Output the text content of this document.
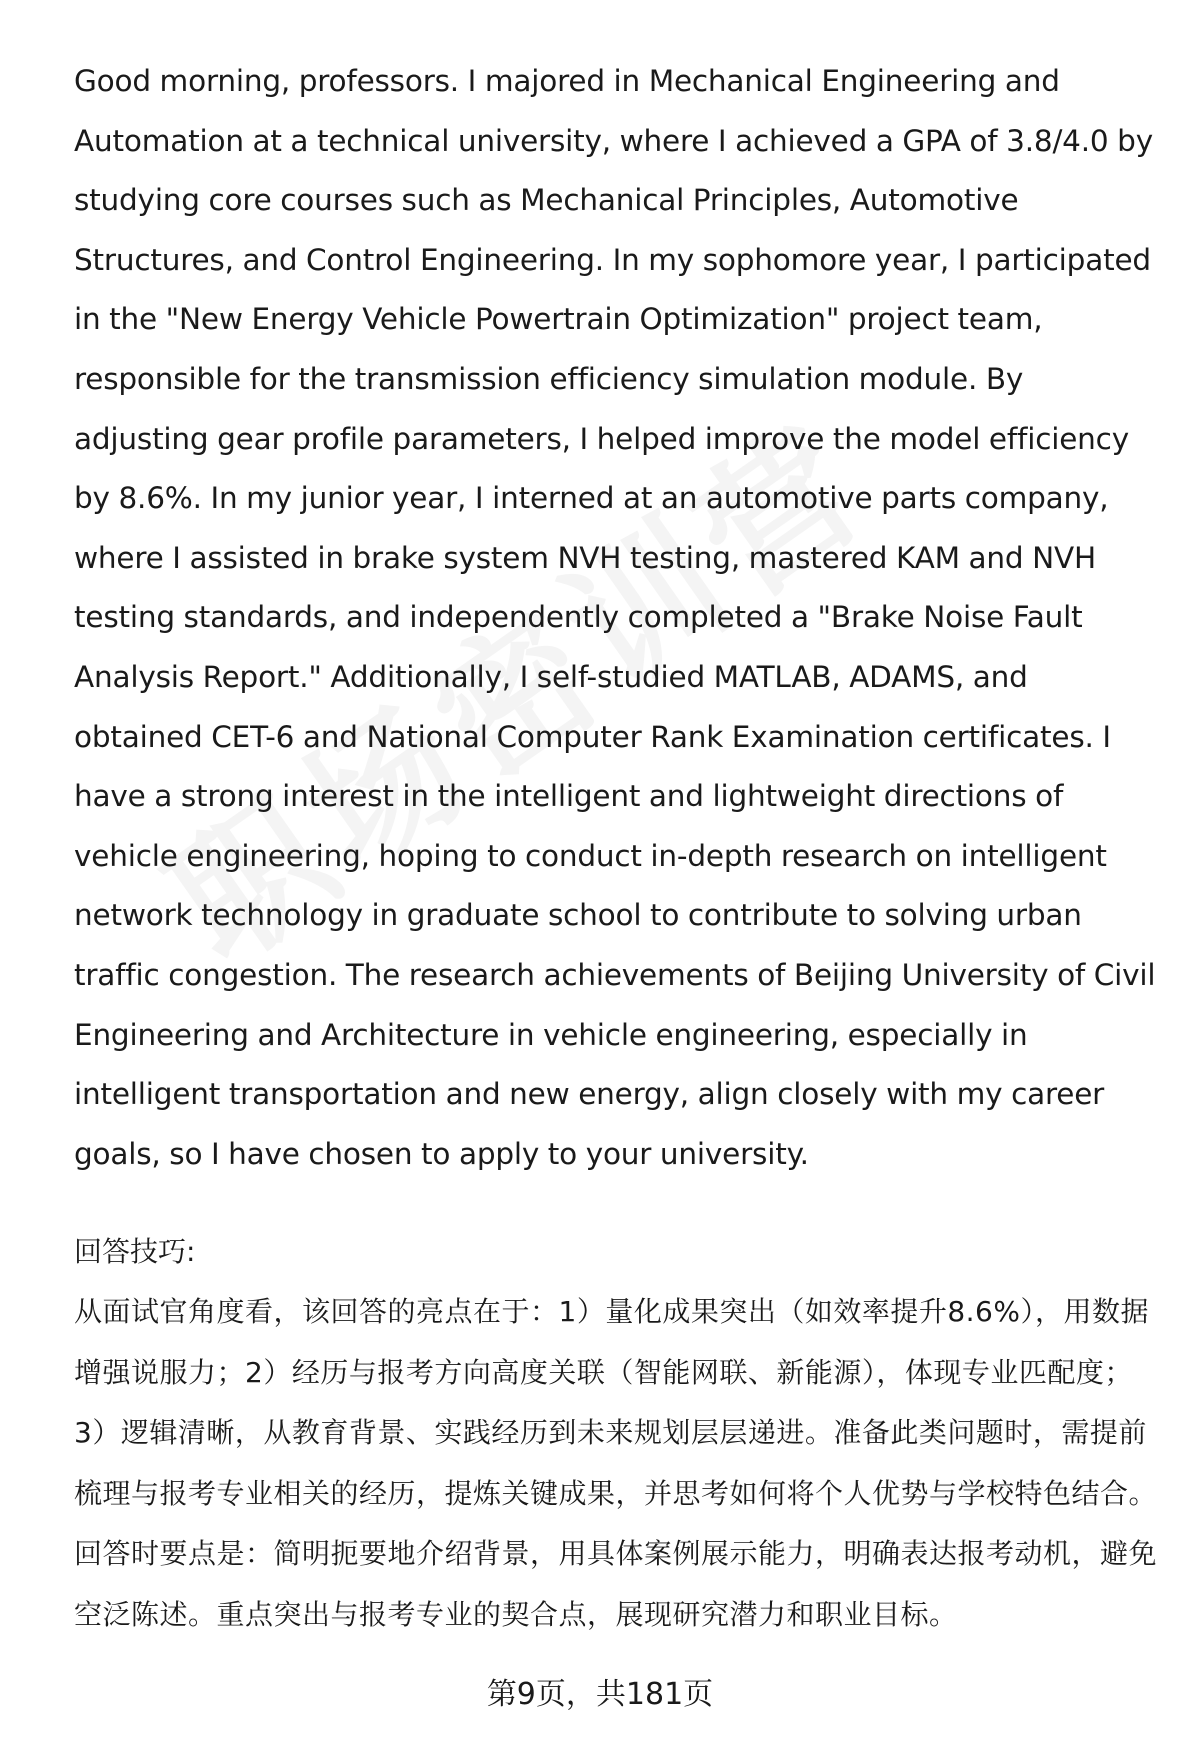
Good morning, professors. I majored in Mechanical Engineering and Automation at a technical university, where I achieved a GPA of 3.8/4.0 by studying core courses such as Mechanical Principles, Automotive Structures, and Control Engineering. In my sophomore year, I participated in the "New Energy Vehicle Powertrain Optimization" project team, responsible for the transmission efficiency simulation module. By adjusting gear profile parameters, I helped improve the model efficiency by 8.6%. In my junior year, I interned at an automotive parts company, where I assisted in brake system NVH testing, mastered KAM and NVH testing standards, and independently completed a "Brake Noise Fault Analysis Report." Additionally, I self-studied MATLAB, ADAMS, and obtained CET-6 and National Computer Rank Examination certificates. I have a strong interest in the intelligent and lightweight directions of vehicle engineering, hoping to conduct in-depth research on intelligent network technology in graduate school to contribute to solving urban traffic congestion. The research achievements of Beijing University of Civil Engineering and Architecture in vehicle engineering, especially in intelligent transportation and new energy, align closely with my career goals, so I have chosen to apply to your university.

回答技巧:

从面试官角度看，该回答的亮点在于：1）量化成果突出（如效率提升8.6%），用数据增强说服力；2）经历与报考方向高度关联（智能网联、新能源），体现专业匹配度；3）逻辑清晰，从教育背景、实践经历到未来规划层层递进。准备此类问题时，需提前梳理与报考专业相关的经历，提炼关键成果，并思考如何将个人优势与学校特色结合。回答时要点是：简明扼要地介绍背景，用具体案例展示能力，明确表达报考动机，避免空泛陈述。重点突出与报考专业的契合点，展现研究潜力和职业目标。

第9页，共181页
